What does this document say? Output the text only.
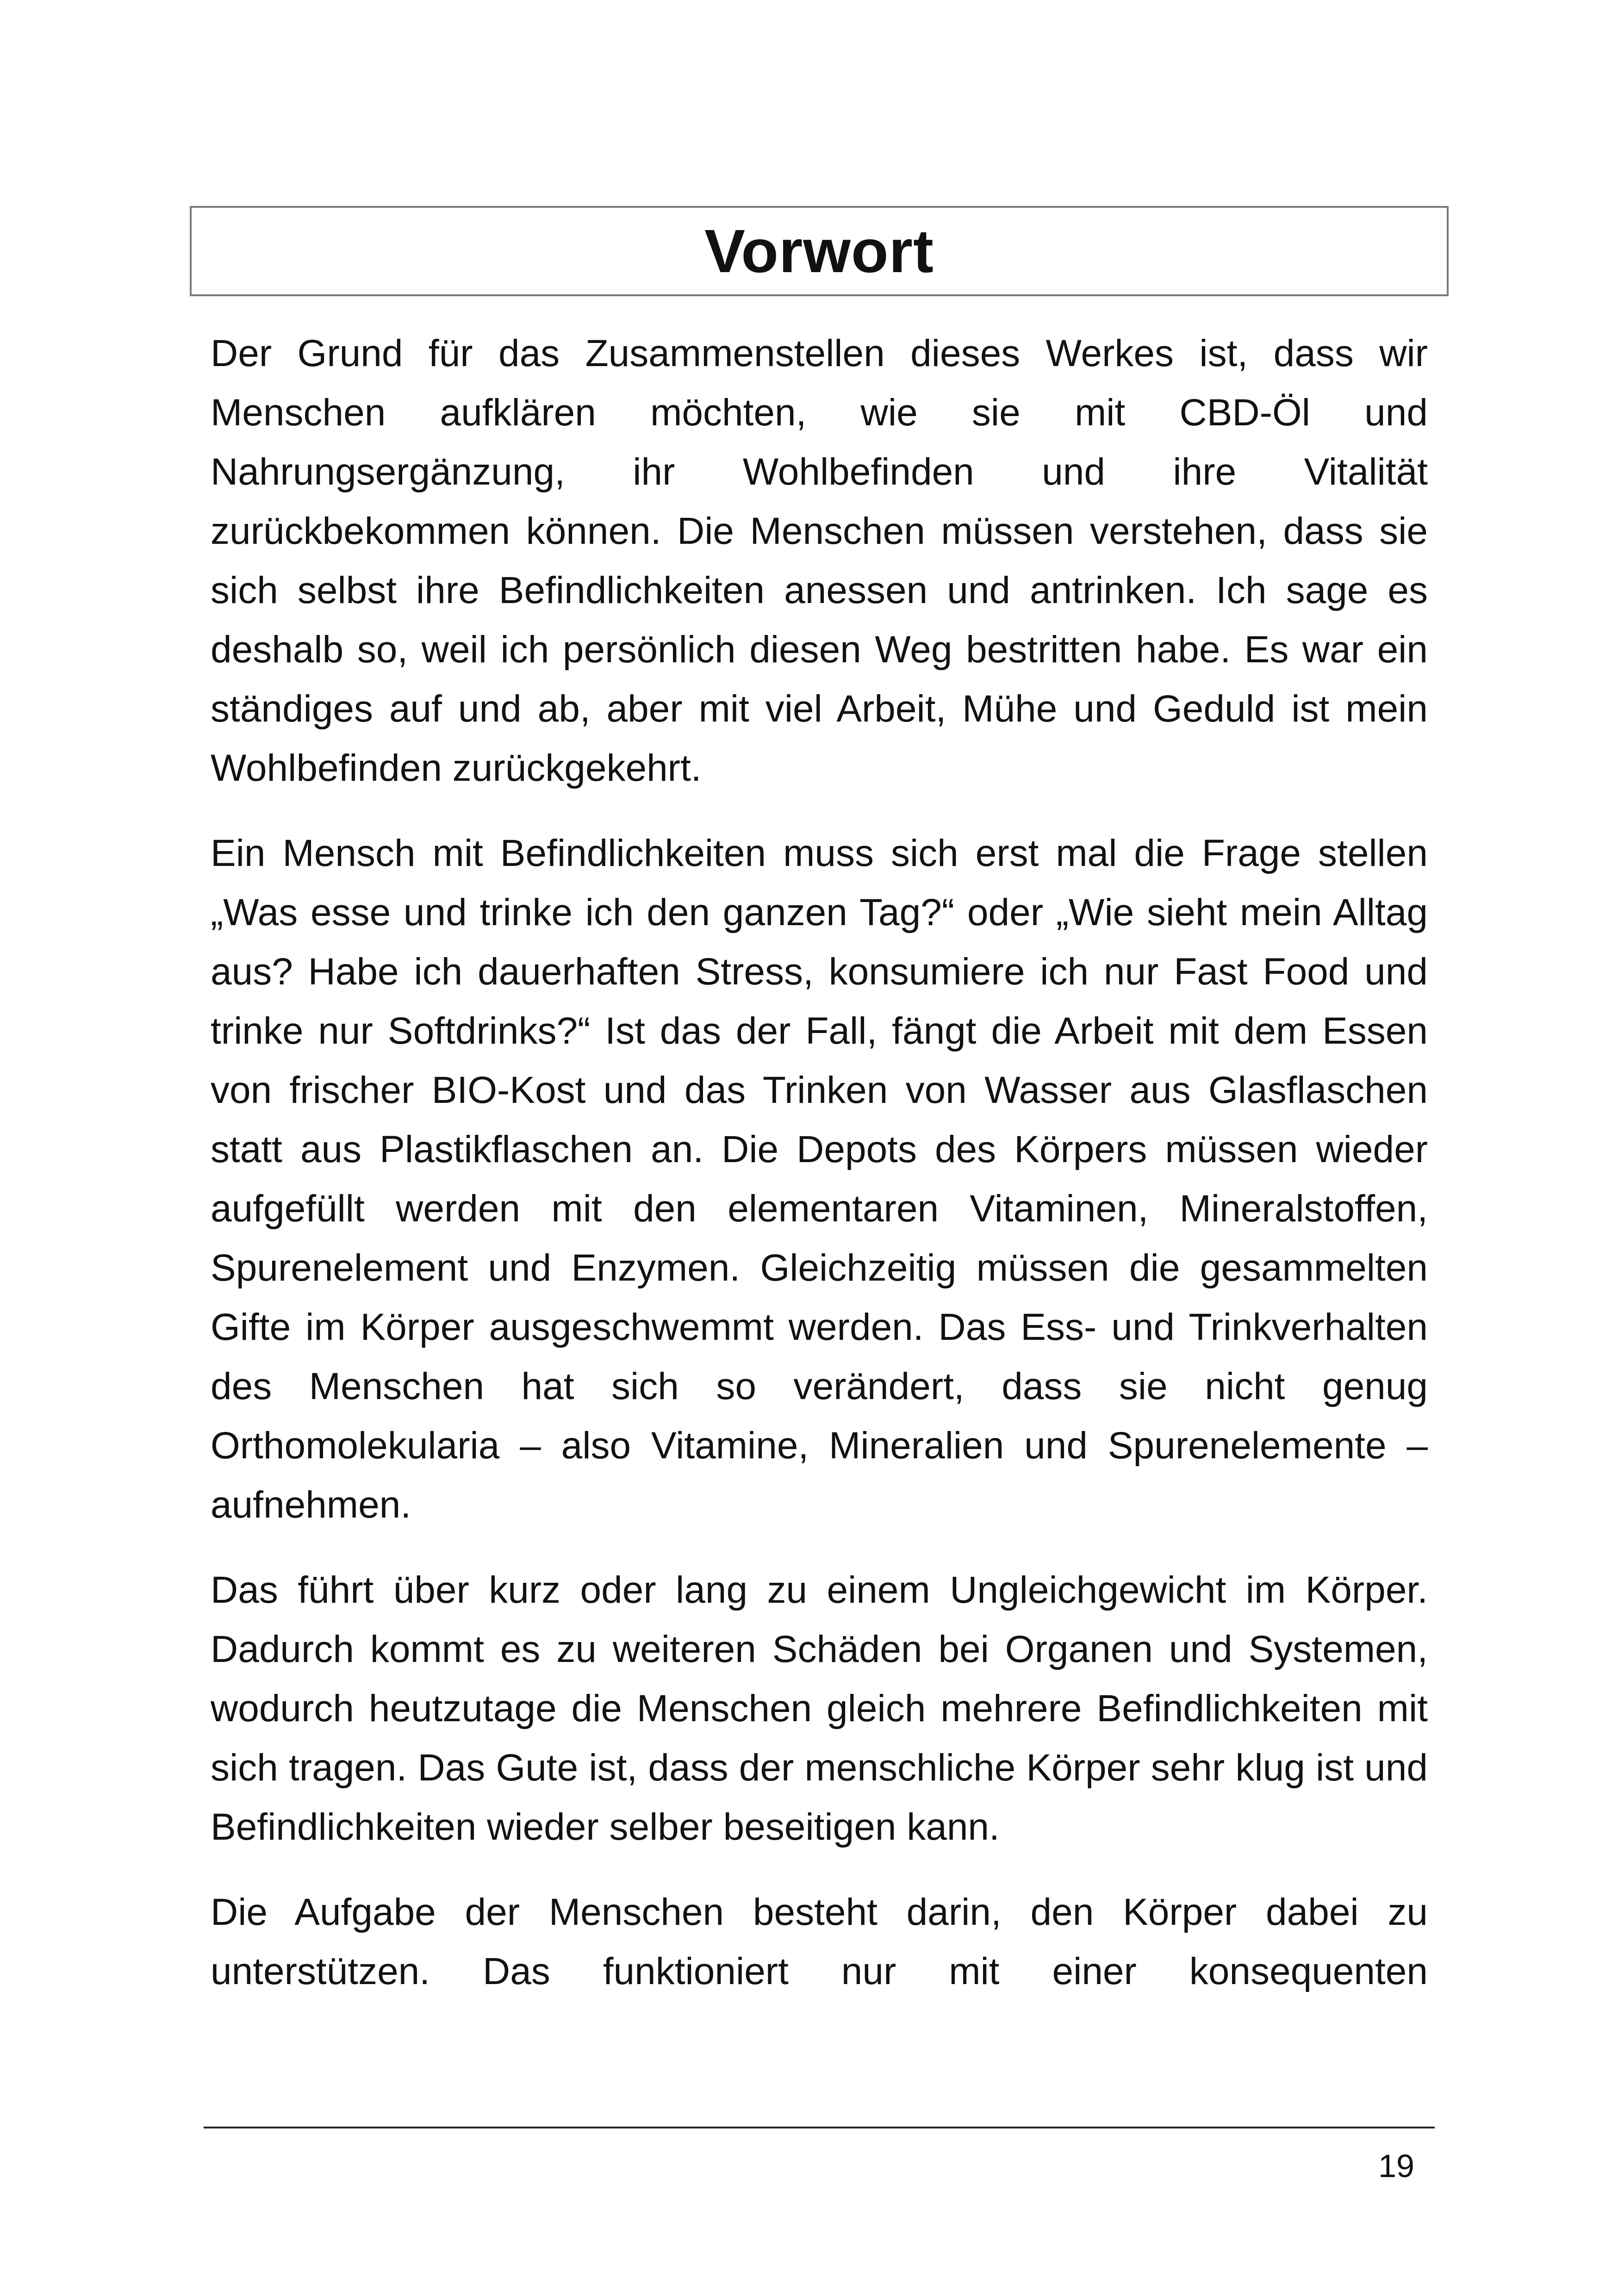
Vorwort

Der Grund für das Zusammenstellen dieses Werkes ist, dass wir Menschen aufklären möchten, wie sie mit CBD-Öl und Nahrungsergänzung, ihr Wohlbefinden und ihre Vitalität zurückbekommen können. Die Menschen müssen verstehen, dass sie sich selbst ihre Befindlichkeiten anessen und antrinken. Ich sage es deshalb so, weil ich persönlich diesen Weg bestritten habe. Es war ein ständiges auf und ab, aber mit viel Arbeit, Mühe und Geduld ist mein Wohlbefinden zurückgekehrt.

Ein Mensch mit Befindlichkeiten muss sich erst mal die Frage stellen „Was esse und trinke ich den ganzen Tag?“ oder „Wie sieht mein Alltag aus? Habe ich dauerhaften Stress, konsumiere ich nur Fast Food und trinke nur Softdrinks?“ Ist das der Fall, fängt die Arbeit mit dem Essen von frischer BIO-Kost und das Trinken von Wasser aus Glasflaschen statt aus Plastikflaschen an. Die Depots des Körpers müssen wieder aufgefüllt werden mit den elementaren Vitaminen, Mineralstoffen, Spurenelement und Enzymen. Gleichzeitig müssen die gesammelten Gifte im Körper ausgeschwemmt werden. Das Ess- und Trinkverhalten des Menschen hat sich so verändert, dass sie nicht genug Orthomolekularia – also Vitamine, Mineralien und Spurenelemente – aufnehmen.

Das führt über kurz oder lang zu einem Ungleichgewicht im Körper. Dadurch kommt es zu weiteren Schäden bei Organen und Systemen, wodurch heutzutage die Menschen gleich mehrere Befindlichkeiten mit sich tragen. Das Gute ist, dass der menschliche Körper sehr klug ist und Befindlichkeiten wieder selber beseitigen kann.

Die Aufgabe der Menschen besteht darin, den Körper dabei zu unterstützen. Das funktioniert nur mit einer konsequenten

19
